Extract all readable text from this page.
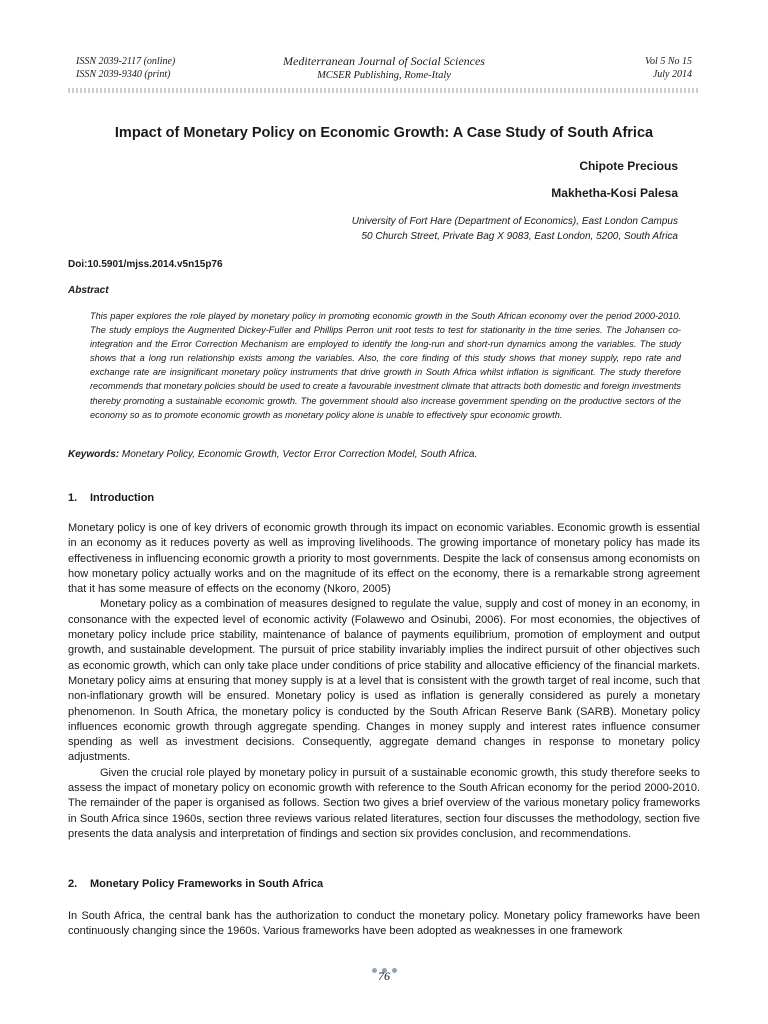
ISSN 2039-2117 (online)
ISSN 2039-9340 (print)
Mediterranean Journal of Social Sciences
MCSER Publishing, Rome-Italy
Vol 5 No 15
July 2014
Impact of Monetary Policy on Economic Growth: A Case Study of South Africa
Chipote Precious
Makhetha-Kosi Palesa
University of Fort Hare (Department of Economics), East London Campus
50 Church Street, Private Bag X 9083, East London, 5200, South Africa
Doi:10.5901/mjss.2014.v5n15p76
Abstract
This paper explores the role played by monetary policy in promoting economic growth in the South African economy over the period 2000-2010. The study employs the Augmented Dickey-Fuller and Phillips Perron unit root tests to test for stationarity in the time series. The Johansen co-integration and the Error Correction Mechanism are employed to identify the long-run and short-run dynamics among the variables. The study shows that a long run relationship exists among the variables. Also, the core finding of this study shows that money supply, repo rate and exchange rate are insignificant monetary policy instruments that drive growth in South Africa whilst inflation is significant. The study therefore recommends that monetary policies should be used to create a favourable investment climate that attracts both domestic and foreign investments thereby promoting a sustainable economic growth. The government should also increase government spending on the productive sectors of the economy so as to promote economic growth as monetary policy alone is unable to effectively spur economic growth.
Keywords: Monetary Policy, Economic Growth, Vector Error Correction Model, South Africa.
1. Introduction

Monetary policy is one of key drivers of economic growth through its impact on economic variables. Economic growth is essential in an economy as it reduces poverty as well as improving livelihoods. The growing importance of monetary policy has made its effectiveness in influencing economic growth a priority to most governments. Despite the lack of consensus among economists on how monetary policy actually works and on the magnitude of its effect on the economy, there is a remarkable strong agreement that it has some measure of effects on the economy (Nkoro, 2005)

Monetary policy as a combination of measures designed to regulate the value, supply and cost of money in an economy, in consonance with the expected level of economic activity (Folawewo and Osinubi, 2006). For most economies, the objectives of monetary policy include price stability, maintenance of balance of payments equilibrium, promotion of employment and output growth, and sustainable development. The pursuit of price stability invariably implies the indirect pursuit of other objectives such as economic growth, which can only take place under conditions of price stability and allocative efficiency of the financial markets. Monetary policy aims at ensuring that money supply is at a level that is consistent with the growth target of real income, such that non-inflationary growth will be ensured. Monetary policy is used as inflation is generally considered as purely a monetary phenomenon. In South Africa, the monetary policy is conducted by the South African Reserve Bank (SARB). Monetary policy influences economic growth through aggregate spending. Changes in money supply and interest rates influence consumer spending as well as investment decisions. Consequently, aggregate demand changes in response to monetary policy adjustments.

Given the crucial role played by monetary policy in pursuit of a sustainable economic growth, this study therefore seeks to assess the impact of monetary policy on economic growth with reference to the South African economy for the period 2000-2010. The remainder of the paper is organised as follows. Section two gives a brief overview of the various monetary policy frameworks in South Africa since 1960s, section three reviews various related literatures, section four discusses the methodology, section five presents the data analysis and interpretation of findings and section six provides conclusion, and recommendations.

2. Monetary Policy Frameworks in South Africa

In South Africa, the central bank has the authorization to conduct the monetary policy. Monetary policy frameworks have been continuously changing since the 1960s. Various frameworks have been adopted as weaknesses in one framework

76
